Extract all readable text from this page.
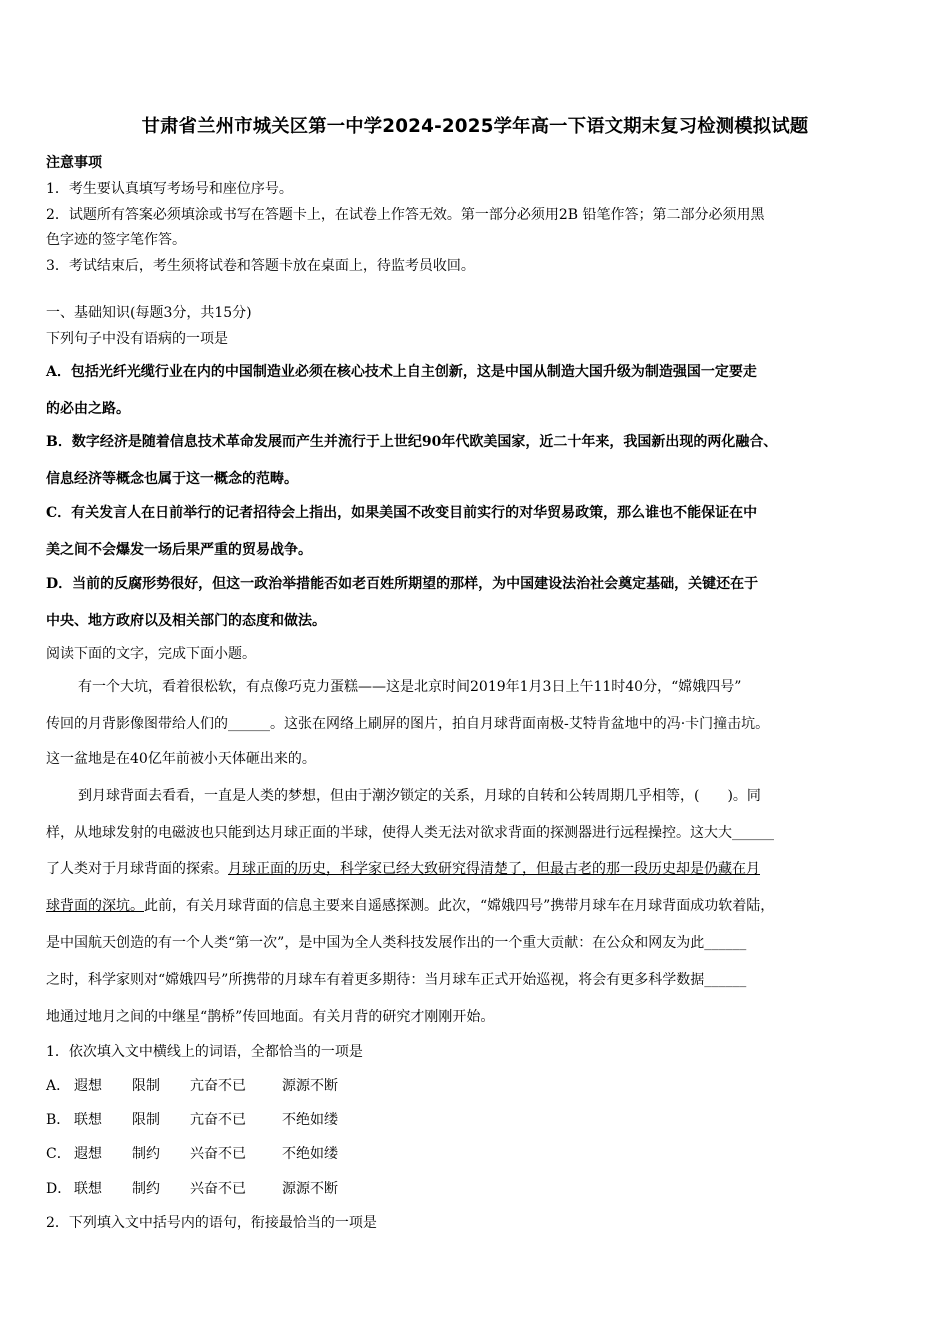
甘肃省兰州市城关区第一中学2024-2025学年高一下语文期末复习检测模拟试题
注意事项
1．考生要认真填写考场号和座位序号。
2．试题所有答案必须填涂或书写在答题卡上，在试卷上作答无效。第一部分必须用2B 铅笔作答；第二部分必须用黑
色字迹的签字笔作答。
3．考试结束后，考生须将试卷和答题卡放在桌面上，待监考员收回。
一、基础知识(每题3分，共15分)
下列句子中没有语病的一项是
A．包括光纤光缆行业在内的中国制造业必须在核心技术上自主创新，这是中国从制造大国升级为制造强国一定要走
的必由之路。
B．数字经济是随着信息技术革命发展而产生并流行于上世纪90年代欧美国家，近二十年来，我国新出现的两化融合、
信息经济等概念也属于这一概念的范畴。
C．有关发言人在日前举行的记者招待会上指出，如果美国不改变目前实行的对华贸易政策，那么谁也不能保证在中
美之间不会爆发一场后果严重的贸易战争。
D．当前的反腐形势很好，但这一政治举措能否如老百姓所期望的那样，为中国建设法治社会奠定基础，关键还在于
中央、地方政府以及相关部门的态度和做法。
阅读下面的文字，完成下面小题。
有一个大坑，看着很松软，有点像巧克力蛋糕——这是北京时间2019年1月3日上午11时40分，“嫦娥四号”
传回的月背影像图带给人们的______。这张在网络上刷屏的图片，拍自月球背面南极-艾特肯盆地中的冯·卡门撞击坑。
这一盆地是在40亿年前被小天体砸出来的。
到月球背面去看看，一直是人类的梦想，但由于潮汐锁定的关系，月球的自转和公转周期几乎相等，(　　)。同
样，从地球发射的电磁波也只能到达月球正面的半球，使得人类无法对欲求背面的探测器进行远程操控。这大大______
了人类对于月球背面的探索。月球正面的历史，科学家已经大致研究得清楚了，但最古老的那一段历史却是仍藏在月
球背面的深坑。此前，有关月球背面的信息主要来自遥感探测。此次，“嫦娥四号”携带月球车在月球背面成功软着陆，
是中国航天创造的有一个人类“第一次”，是中国为全人类科技发展作出的一个重大贡献：在公众和网友为此______
之时，科学家则对“嫦娥四号”所携带的月球车有着更多期待：当月球车正式开始巡视，将会有更多科学数据______
地通过地月之间的中继星“鹊桥”传回地面。有关月背的研究才刚刚开始。
1．依次填入文中横线上的词语，全都恰当的一项是
A． 遐想 限制 亢奋不已	源源不断
B． 联想 限制 亢奋不已	不绝如缕
C． 遐想 制约 兴奋不已	不绝如缕
D． 联想 制约 兴奋不已	源源不断
2．下列填入文中括号内的语句，衔接最恰当的一项是
